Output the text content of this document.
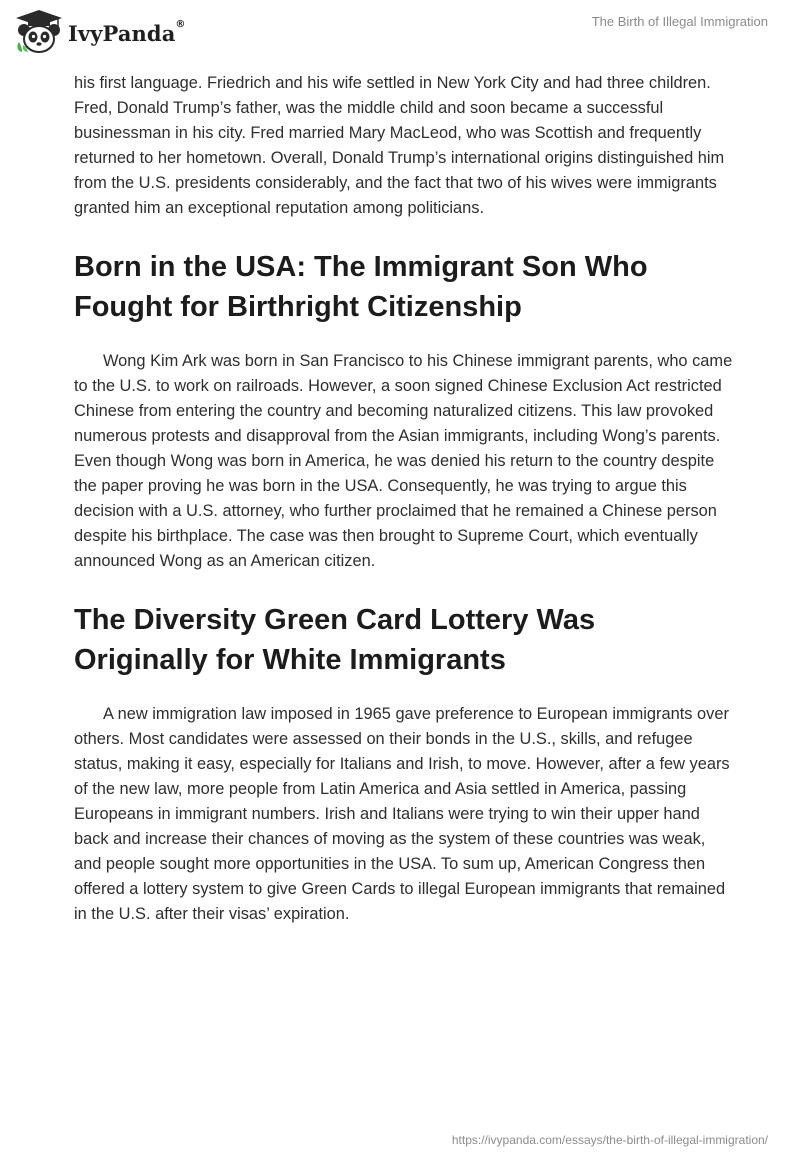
IvyPanda®	The Birth of Illegal Immigration

his first language. Friedrich and his wife settled in New York City and had three children. Fred, Donald Trump’s father, was the middle child and soon became a successful businessman in his city. Fred married Mary MacLeod, who was Scottish and frequently returned to her hometown. Overall, Donald Trump’s international origins distinguished him from the U.S. presidents considerably, and the fact that two of his wives were immigrants granted him an exceptional reputation among politicians.

Born in the USA: The Immigrant Son Who Fought for Birthright Citizenship

Wong Kim Ark was born in San Francisco to his Chinese immigrant parents, who came to the U.S. to work on railroads. However, a soon signed Chinese Exclusion Act restricted Chinese from entering the country and becoming naturalized citizens. This law provoked numerous protests and disapproval from the Asian immigrants, including Wong’s parents. Even though Wong was born in America, he was denied his return to the country despite the paper proving he was born in the USA. Consequently, he was trying to argue this decision with a U.S. attorney, who further proclaimed that he remained a Chinese person despite his birthplace. The case was then brought to Supreme Court, which eventually announced Wong as an American citizen.

The Diversity Green Card Lottery Was Originally for White Immigrants

A new immigration law imposed in 1965 gave preference to European immigrants over others. Most candidates were assessed on their bonds in the U.S., skills, and refugee status, making it easy, especially for Italians and Irish, to move. However, after a few years of the new law, more people from Latin America and Asia settled in America, passing Europeans in immigrant numbers. Irish and Italians were trying to win their upper hand back and increase their chances of moving as the system of these countries was weak, and people sought more opportunities in the USA. To sum up, American Congress then offered a lottery system to give Green Cards to illegal European immigrants that remained in the U.S. after their visas’ expiration.

https://ivypanda.com/essays/the-birth-of-illegal-immigration/
